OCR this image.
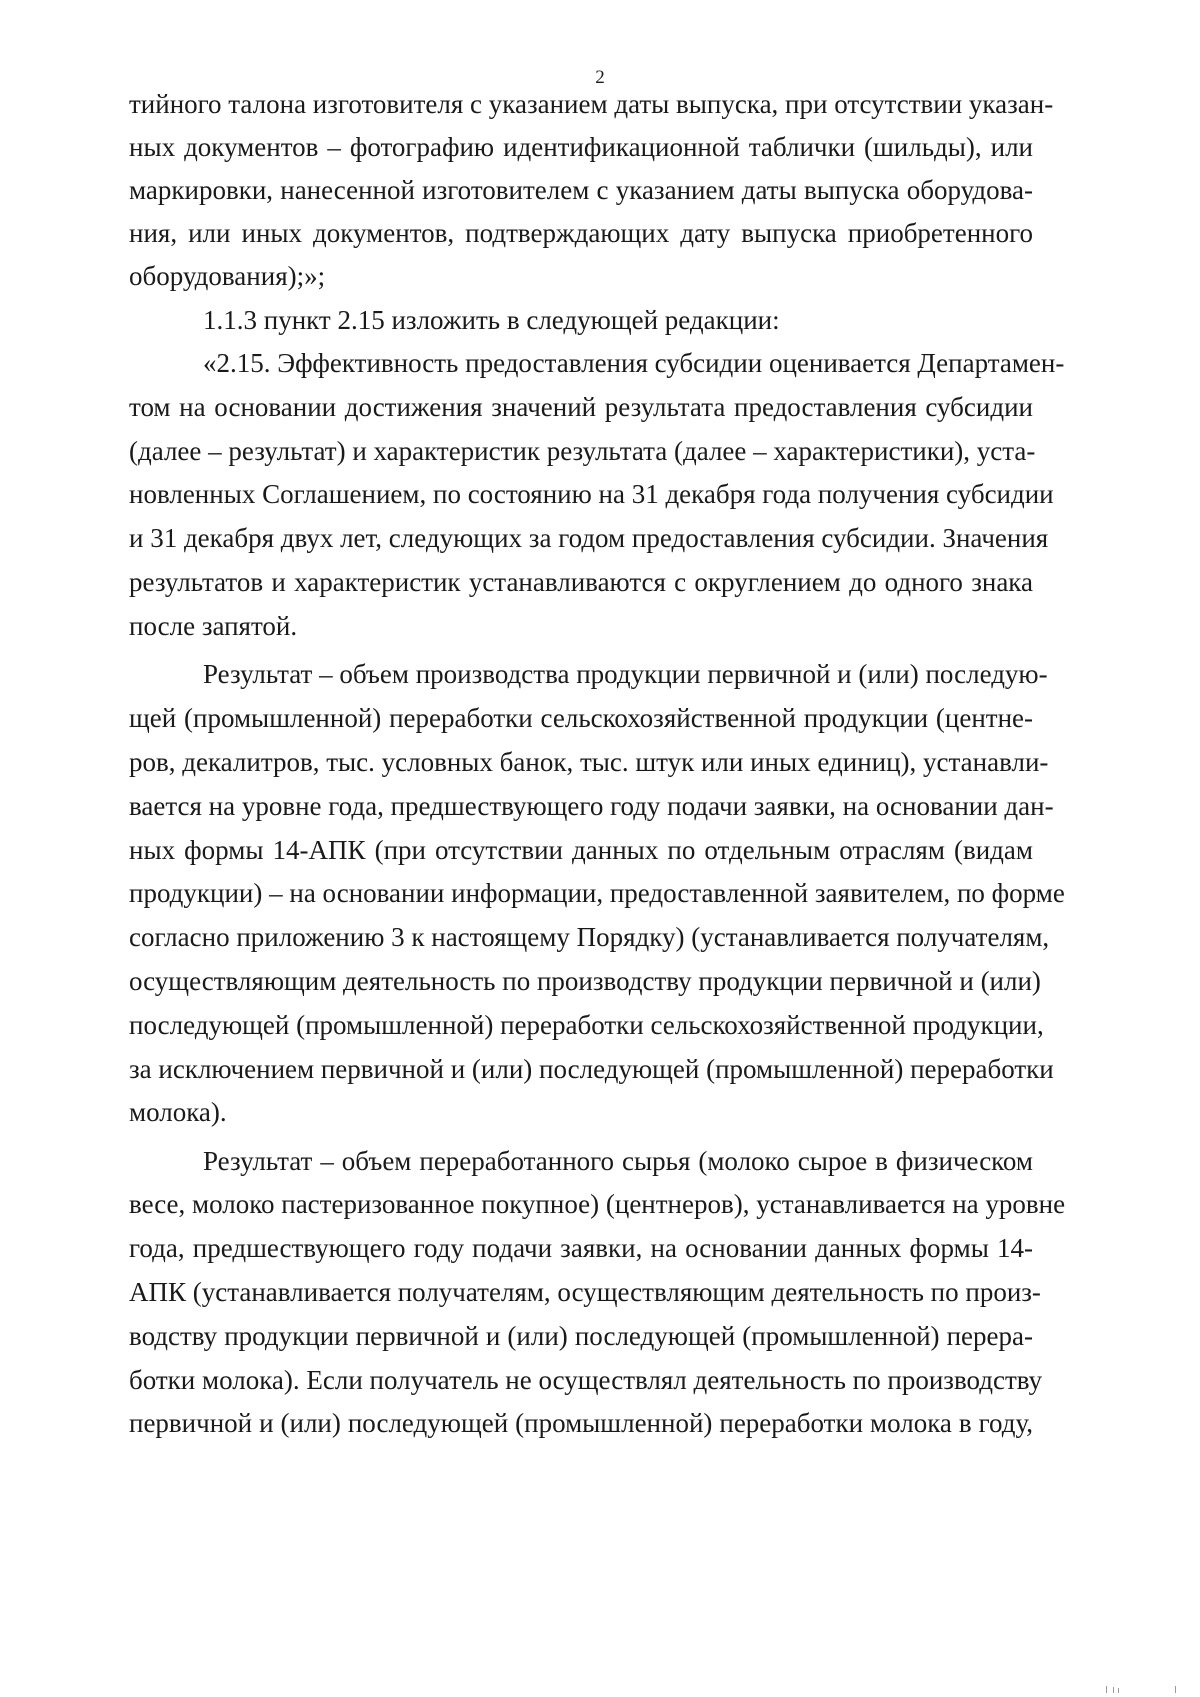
2
тийного талона изготовителя с указанием даты выпуска, при отсутствии указан-
ных документов – фотографию идентификационной таблички (шильды), или
маркировки, нанесенной изготовителем с указанием даты выпуска оборудова-
ния, или иных документов, подтверждающих дату выпуска приобретенного
оборудования);»;
1.1.3 пункт 2.15 изложить в следующей редакции:
«2.15. Эффективность предоставления субсидии оценивается Департамен-
том на основании достижения значений результата предоставления субсидии
(далее – результат) и характеристик результата (далее – характеристики), уста-
новленных Соглашением, по состоянию на 31 декабря года получения субсидии
и 31 декабря двух лет, следующих за годом предоставления субсидии. Значения
результатов и характеристик устанавливаются с округлением до одного знака
после запятой.
Результат – объем производства продукции первичной и (или) последую-
щей (промышленной) переработки сельскохозяйственной продукции (центне-
ров, декалитров, тыс. условных банок, тыс. штук или иных единиц), устанавли-
вается на уровне года, предшествующего году подачи заявки, на основании дан-
ных формы 14-АПК (при отсутствии данных по отдельным отраслям (видам
продукции) – на основании информации, предоставленной заявителем, по форме
согласно приложению 3 к настоящему Порядку) (устанавливается получателям,
осуществляющим деятельность по производству продукции первичной и (или)
последующей (промышленной) переработки сельскохозяйственной продукции,
за исключением первичной и (или) последующей (промышленной) переработки
молока).
Результат – объем переработанного сырья (молоко сырое в физическом
весе, молоко пастеризованное покупное) (центнеров), устанавливается на уровне
года, предшествующего году подачи заявки, на основании данных формы 14-
АПК (устанавливается получателям, осуществляющим деятельность по произ-
водству продукции первичной и (или) последующей (промышленной) перера-
ботки молока). Если получатель не осуществлял деятельность по производству
первичной и (или) последующей (промышленной) переработки молока в году,
